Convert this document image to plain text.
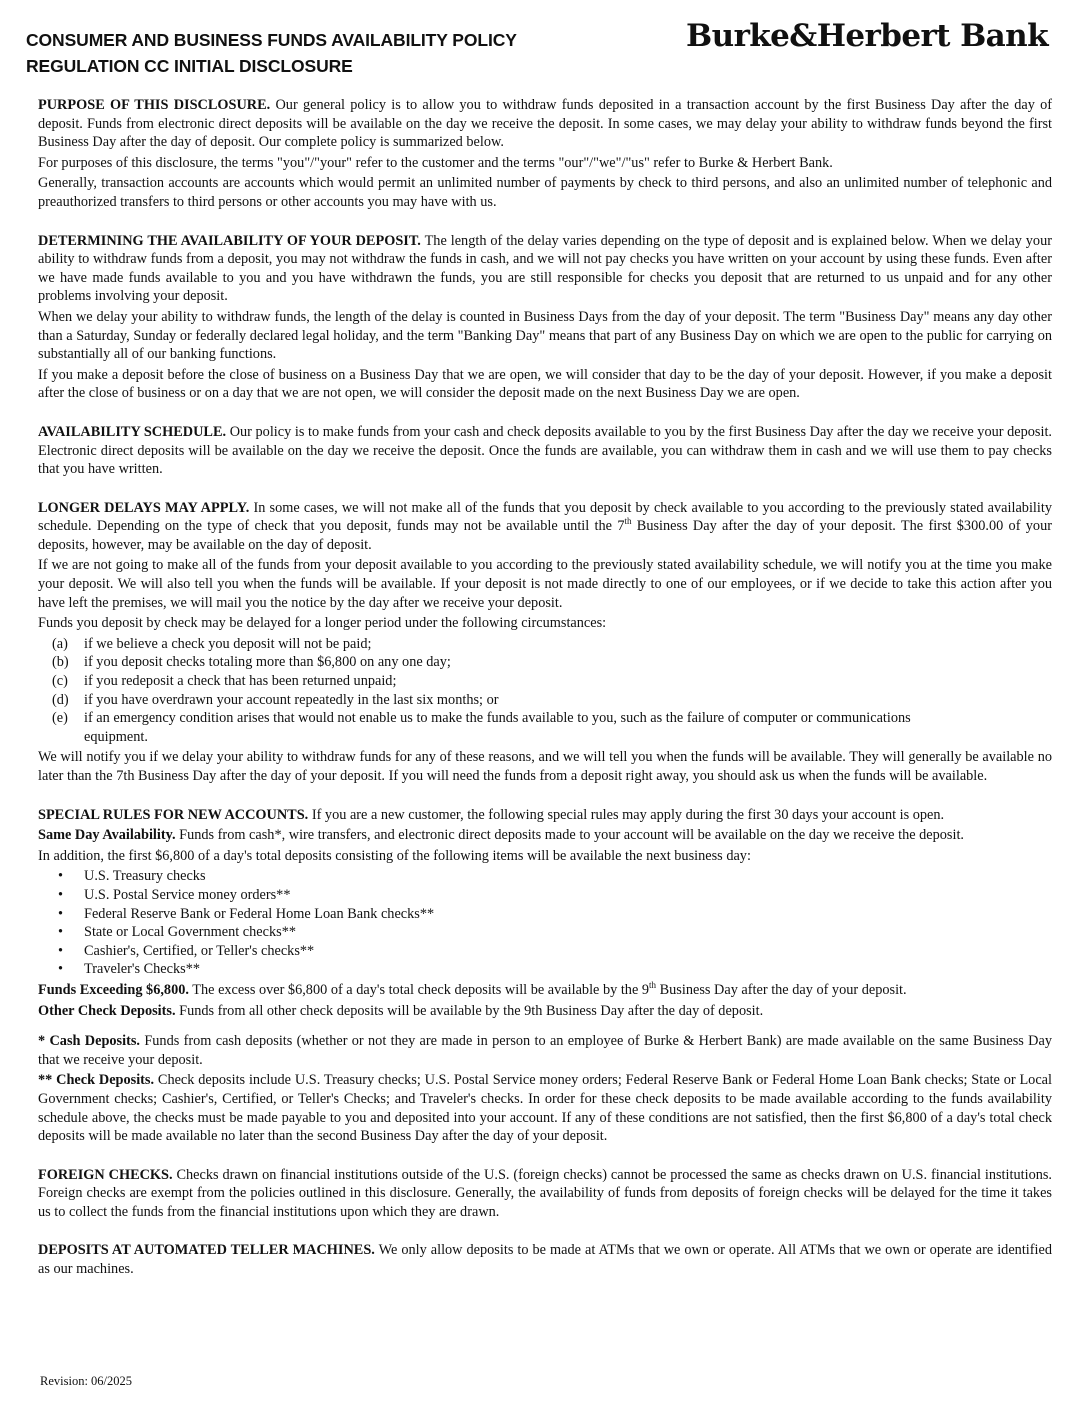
CONSUMER AND BUSINESS FUNDS AVAILABILITY POLICY
REGULATION CC INITIAL DISCLOSURE
Burke&Herbert Bank

PURPOSE OF THIS DISCLOSURE. Our general policy is to allow you to withdraw funds deposited in a transaction account by the first Business Day after the day of deposit. Funds from electronic direct deposits will be available on the day we receive the deposit. In some cases, we may delay your ability to withdraw funds beyond the first Business Day after the day of deposit. Our complete policy is summarized below.

For purposes of this disclosure, the terms "you"/"your" refer to the customer and the terms "our"/"we"/"us" refer to Burke & Herbert Bank.

Generally, transaction accounts are accounts which would permit an unlimited number of payments by check to third persons, and also an unlimited number of telephonic and preauthorized transfers to third persons or other accounts you may have with us.

DETERMINING THE AVAILABILITY OF YOUR DEPOSIT. The length of the delay varies depending on the type of deposit and is explained below. When we delay your ability to withdraw funds from a deposit, you may not withdraw the funds in cash, and we will not pay checks you have written on your account by using these funds. Even after we have made funds available to you and you have withdrawn the funds, you are still responsible for checks you deposit that are returned to us unpaid and for any other problems involving your deposit.

When we delay your ability to withdraw funds, the length of the delay is counted in Business Days from the day of your deposit. The term "Business Day" means any day other than a Saturday, Sunday or federally declared legal holiday, and the term "Banking Day" means that part of any Business Day on which we are open to the public for carrying on substantially all of our banking functions.

If you make a deposit before the close of business on a Business Day that we are open, we will consider that day to be the day of your deposit. However, if you make a deposit after the close of business or on a day that we are not open, we will consider the deposit made on the next Business Day we are open.

AVAILABILITY SCHEDULE. Our policy is to make funds from your cash and check deposits available to you by the first Business Day after the day we receive your deposit. Electronic direct deposits will be available on the day we receive the deposit. Once the funds are available, you can withdraw them in cash and we will use them to pay checks that you have written.

LONGER DELAYS MAY APPLY. In some cases, we will not make all of the funds that you deposit by check available to you according to the previously stated availability schedule. Depending on the type of check that you deposit, funds may not be available until the 7th Business Day after the day of your deposit. The first $300.00 of your deposits, however, may be available on the day of deposit.

If we are not going to make all of the funds from your deposit available to you according to the previously stated availability schedule, we will notify you at the time you make your deposit. We will also tell you when the funds will be available. If your deposit is not made directly to one of our employees, or if we decide to take this action after you have left the premises, we will mail you the notice by the day after we receive your deposit.

Funds you deposit by check may be delayed for a longer period under the following circumstances:

(a)	if we believe a check you deposit will not be paid;
(b)	if you deposit checks totaling more than $6,800 on any one day;
(c)	if you redeposit a check that has been returned unpaid;
(d)	if you have overdrawn your account repeatedly in the last six months; or
(e)	if an emergency condition arises that would not enable us to make the funds available to you, such as the failure of computer or communications equipment.

We will notify you if we delay your ability to withdraw funds for any of these reasons, and we will tell you when the funds will be available. They will generally be available no later than the 7th Business Day after the day of your deposit. If you will need the funds from a deposit right away, you should ask us when the funds will be available.

SPECIAL RULES FOR NEW ACCOUNTS. If you are a new customer, the following special rules may apply during the first 30 days your account is open.

Same Day Availability. Funds from cash*, wire transfers, and electronic direct deposits made to your account will be available on the day we receive the deposit.

In addition, the first $6,800 of a day's total deposits consisting of the following items will be available the next business day:

•	U.S. Treasury checks
•	U.S. Postal Service money orders**
•	Federal Reserve Bank or Federal Home Loan Bank checks**
•	State or Local Government checks**
•	Cashier's, Certified, or Teller's checks**
•	Traveler's Checks**

Funds Exceeding $6,800. The excess over $6,800 of a day's total check deposits will be available by the 9th Business Day after the day of your deposit.

Other Check Deposits. Funds from all other check deposits will be available by the 9th Business Day after the day of deposit.

* Cash Deposits. Funds from cash deposits (whether or not they are made in person to an employee of Burke & Herbert Bank) are made available on the same Business Day that we receive your deposit.

** Check Deposits. Check deposits include U.S. Treasury checks; U.S. Postal Service money orders; Federal Reserve Bank or Federal Home Loan Bank checks; State or Local Government checks; Cashier's, Certified, or Teller's Checks; and Traveler's checks. In order for these check deposits to be made available according to the funds availability schedule above, the checks must be made payable to you and deposited into your account. If any of these conditions are not satisfied, then the first $6,800 of a day's total check deposits will be made available no later than the second Business Day after the day of your deposit.

FOREIGN CHECKS. Checks drawn on financial institutions outside of the U.S. (foreign checks) cannot be processed the same as checks drawn on U.S. financial institutions. Foreign checks are exempt from the policies outlined in this disclosure. Generally, the availability of funds from deposits of foreign checks will be delayed for the time it takes us to collect the funds from the financial institutions upon which they are drawn.

DEPOSITS AT AUTOMATED TELLER MACHINES. We only allow deposits to be made at ATMs that we own or operate. All ATMs that we own or operate are identified as our machines.

Revision: 06/2025
